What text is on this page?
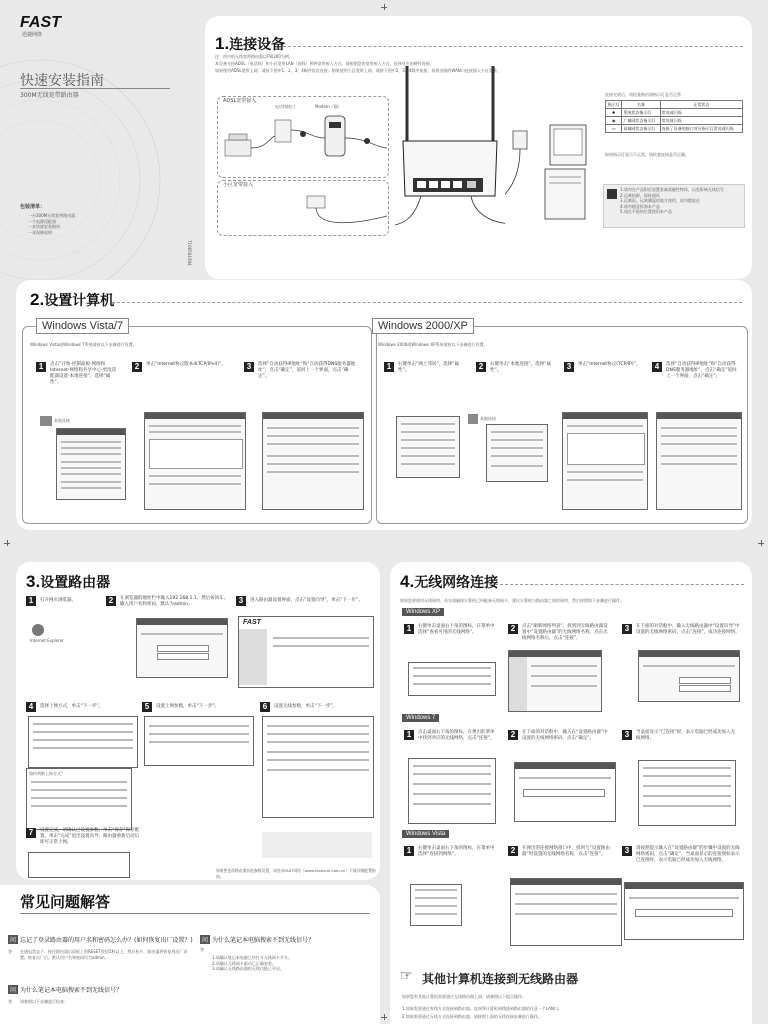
FAST
迅捷网络
快速安装指南
300M无线宽带路由器
包装清单：
一台300M无线宽带路由器
一个电源适配器
一本快速安装指南
一张保修说明
7106504394
1.连接设备
注：图中的无线宽带路由器以FW300为例。
本设备支持ADSL（电话线）和小区宽带LAN（网线）两种宽带接入方式，请根据您的宽带接入方式，选择对应的硬件连接。
如果使用ADSL宽带上网，请按下图中1、2、3、4顺序依次连接；如果使用小区宽带上网，请按下图中2、3、4顺序连接，再将由路的WAN口连接插入小区宽带。
ADSL宽带接入
电话线接口	Modem（猫）
小区宽带接入
连接完成后，请检查路由器指示灯是否正常
指示灯	名称	正常状态
✱	系统状态指示灯	常亮或闪烁
◉	广域网状态指示灯	常亮或闪烁
▭	局域网状态指示灯	连接了设备的接口对应指示灯常亮或闪烁
如果指示灯显示不正常，请检查连接是否正确。
1.请勿在产品附近放置金属或磁性物体，以免影响无线信号
2.远离热源，保持通风
3.远离雨，远离潮湿的地方使用，请勿摆放在
4.请勿随意拆卸本产品
5.请在平稳的位置使用本产品
2.设置计算机
Windows Vista/7
Windows Vista或Windows 7系统请按以下步骤进行设置。
1	点击“开始-控制面板-网络和Internet-网络和共享中心-更改适配器设置-本地连接”，选择“属性”。
2	单击“Internet协议版本4(TCP/IPv4)”。	3	选择“自动获得IP地址”和“自动获得DNS服务器地址”，点击“确定”，返回上一个界面，点击“确定”。
本地连接
Windows 2000/XP
Windows 2000或Windows XP系统请按以下步骤进行设置。
1	右键单击“网上邻居”，选择“属性”。	2	右键单击“本地连接”，选择“属性”。	3	单击“Internet协议(TCP/IP)”。	4	选择“自动获得IP地址”和“自动获得DNS服务器地址”，点击“确定”返回上一个界面，点击“确定”。
本地连接
3.设置路由器
1	打开网页浏览器。
Internet Explorer
2	在浏览器的地址栏中输入192.168.1.1，然后按回车。输入用户名和密码，默认为admin。	3	进入路由器设置界面，点击“设置向导”，单击“下一步”。
FAST
4	选择上网方式，单击“下一步”。
如何判断上网方式？
5	设置上网参数，单击“下一步”。	6	设置无线参数，单击“下一步”。
7	设置完成，请确认已设置参数，单击“保存”保存配置，单击“完成”退出设置向导。路由器重新启动后即可正常上网。
如果想更改路由器其他参数设置，请登录FAST网站（www.fastcom.com.cn）下载详细配置指南。
常见问题解答
问 忘记了登录路由器的用户名和密码怎么办？(如何恢复出厂设置？)
答 在通电状态下，按住路由器后面板上的RESET按钮5秒以上，然后松开，路由器将恢复到出厂设置。恢复出厂后，默认用户名和密码均为admin。
问 为什么笔记本电脑搜索不到无线信号？
答 请参照以下步骤进行检查：
问 为什么笔记本电脑搜索不到无线信号？
答
1.请确认笔记本电脑已经打开无线网卡开关。
2.请确认无线网卡驱动已正确安装。
3.请确认无线路由器的无线功能已开启。
4.无线网络连接
如果您要使用无线网络，首先请确保计算机已经配备无线网卡，建议计算机与路由器之间的网络，然后按照如下步骤进行操作。
Windows XP
1	右键单击桌面右下角的图标，在菜单中选择“查看可用的无线网络”。	2	点击“刷新网络列表”，找到到无线路由器设置中“设置路由器”的无线网络名称，点击无线网络名称后，点击“连接”。
3	在下面的对话框中，输入无线路由器中“设置向导”中设置的无线网络密码，点击“连接”，成功连接网络。
Windows 7
1	点击桌面右下角的图标，在弹出的菜单中找到对应的无线网络，点击“连接”。	2	在下面的对话框中，输入在“设置路由器”中设置的无线网络密码，点击“确定”。	3	当桌面显示“已连接”时，表示电脑已经成功加入无线网络。
Windows Vista
1	右键单击桌面右下角的图标，在菜单中选择“连接到网络”。	2	在弹出的连接网络窗口中，找到与“设置路由器”时设置的无线网络名称，点击“连接”。	3	请按照提示输入在“设置路由器”的步骤中设置的无线网络密码，点击“确定”，当桌面显示的连接图标表示已连接时，表示电脑已经成功加入无线网络。
☞ 其他计算机连接到无线路由器
如果您有其他计算机需要通过无线路由器上网，请参照以下提示操作。
1.如果需要通过有线方式连接到路由器，直接将计算机网线插到路由器的任意一个LAN口。
2.如果需要通过无线方式连接到路由器，请按照上面的无线连接步骤进行操作。
